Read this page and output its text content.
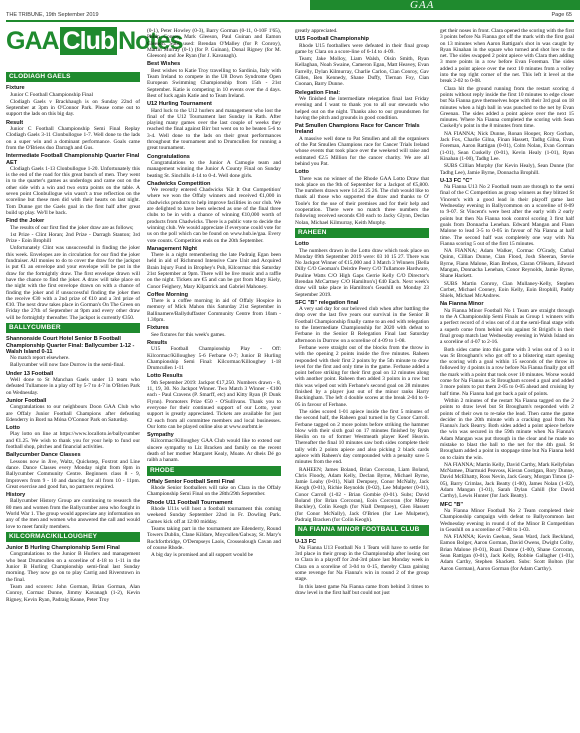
THE TRIBUNE, 19th September 2019
GAA
Page 65
GAA Club Notes
CLODIAGH GAELS
Fixture
Junior C Football Championship Final
Clodiagh Gaels v Brackhaugh is on Sunday 22nd of September at 3pm in O'Connor Park. Please come out to support the lads on this big day.
Result
Junior C Football Championship Semi Final Replay Clodiagh Gaels 3-11 Clonbullogue 1-7. Well done to the lads on a super win and a dominant performance. Goals came from the O'Briens duo Darragh and Gus.
Intermediate Football Championship Quarter Final AET
Clodiagh Gaels 1-13 Clonbullogue 1-20. Unfortunately this is the end of the road for this great bunch of men. They went in to the quarter's games as underdogs and came out on the other side with a win and two extra points on the table. A seven point Clonbullogue win wasn't a true reflection on the scoreline but these men did with their hearts on last night. Tom Dunne got the Gaels goal in the first half after great build up play. We'll be back.
Find the Joker
The results of our first find the joker draw are as follows;
1st Prize - Clint Horan; 2nd Prize - Darragh Stanton; 3rd Prize - Eoin Brophill
Unfortunately Clint was unsuccessful in finding the joker this week. Envelopes are in circulation for our find the joker fundraiser. All monies to do to cover the draw for the jackpot is put €1 an envelope and your envelope will be put in the draw for the fortnightly draw. The first envelope drawn will have the chance to find the joker. A draw will take place on the night with the first envelope drawn on with a chance of finding the joker and if unsuccessful finding the joker then the receive €30 with a 2nd prize of €10 and a 3rd prize of €10. The next draw takes place in Gorman's On The Green on Friday the 27th of September at 9pm and every other draw will be fortnightly thereafter. The jackpot is currently €350.
BALLYCUMBER
Shannonside Court Hotel Senior B Football Championship Quarter Final: Ballycumber 1-12 - Walsh Island 0-11
No match report elsewhere.
Ballycumber will now face Durrow in the semi-final.
Under 13 Football
Well done to St Manchan Gaels under 13 team who defeated Tullamore in a play off by 5-7 to 4-7 in O'Brien Park on Wednesday.
Junior Football
Congratulations to our neighbours Doon GAA Club who are Offaly Junior Football Champions after defeating Edenderry in Bord na Móna O'Connor Park on Saturday.
Lotto
Play lotto on line at https://www.localloto.ie/ballycumber and €1.25. We wish to thank you for your help to fund our football shop, pitches and financial activities.
Ballycumber Dance Classes
Lessons now in Jive, Waltz, Quickstep, Foxtrot and Line dance. Dance Classes every Monday night from 8pm in Ballycumber Community Centre. Beginners class 8 - 9, Improvers from 9 - 10 and dancing for all from 10 - 11pm. Great exercise and good fun, no partners required.
History
Ballycumber History Group are continuing to research the 80 men and women from the Ballycumber area who fought in World War 1. The group would appreciate any information on any of the men and women who answered the call and would love to meet family members.
KILCORMAC/KILLOUGHEY
Junior B Hurling Championship Semi Final
Congratulations to the Junior B Hurlers and management who beat Drumcullen on a scoreline of 4-18 to 1-11 in the Junior B Hurling Championship semi-final last Sunday morning. They now go on to play Carrig and Riverstown in the final.
Team and scorers: John Gorman, Brian Gorman, Alan Conroy, Cormac Dunne, Jimmy Kavanagh (1-2), Kevin Rigney, Kevin Ryan, Padraig Keane, Peter Troy
(0-1), Peter Howley (0-3), Barry Gorman (0-11, 0-10F 1'65), Philip Conroy, Mark Gleeson, Paul Guinan and Eamon Gleeson. Subs used: Brendan O'Malley (for P. Conroy), Martin Murray (0-1) (for P. Guinan), Donal Rigney (for M. Gleeson) and Joe Ryan (for J. Kavanagh).
Best Wishes
Best wishes to Katie Troy travelling to Sardinia, Italy with Team Ireland to compete in the U8 Down Syndrome Open European Swimming Championship from 15th - 21st September. Katie is competing in 10 events over the 4 days. Best of luck again Katie and to Team Ireland.
U12 Hurling Tournament
Hard luck to the U12 hurlers and management who lost the final of the U12 Tournament last Sunday in Rath. After playing many games over the last couple of weeks they reached the final against Birr but went on to be beaten 5-6 to 3-4. Well done to the lads on their great performances throughout the tournament and to Drumcullen for running a great tournament.
Congratulations
Congratulations to the Junior A Camogie team and management winning the Junior A County Final on Sunday beating St. Sinchills 4-14 to 0-4. Well done girls.
Chadwicks Competition
We recently entered Chadwicks 'Kit It Out Competition' where we won the Offaly winners and received €1,000 in chadwicks products to help improve facilities in our club. We are delighted to have been selected as one of the final three clubs to be in with a chance of winning €10,000 worth of products from Chadwicks. There is a public vote to decide the winning club. We would appreciate if everyone could vote for us on the poll which can be found on www.hub.ie/gaa. Every vote counts. Competition ends on the 20th September.
Management Night
There is a night remembering the late Padraig Egan been held in aid of Richmond Intensive Care Unit and Acquired Brain Injury Fund in Brophey's Pub, Kilcormac this Saturday 21st September at 9pm. There will be live music and a raffle on the night. Tickets are €5 and can be got from Mary Kiely, Conor Feighery, Mary Kilpatrick and Gabriel Mahoney.
Coffee Morning
There is a coffee morning in aid of Offaly Hospice in memory of Mick Mahon this Saturday 21st September in Ballinamere/Ballyduffaster Community Centre from 10am - 1.30pm.
Fixtures
See fixtures for this week's games.
Results
U15 Football Championship Play - Off: Kilcormac/Killoughey 5-6 Ferbane 0-7; Junior B Hurling Championship Semi Final: Kilcormac/Killoughey 1-18 Drumcullen 1-11
Lotto Results
9th September 2019: Jackpot €17,250. Numbers drawn - 8, 11, 19, 30. No Jackpot Winner. Two Match 3 Winner - €100 each - Paul Cravens (P. Smarff, etc) and Kitty Ryan (P. Dunk Flynn). Promoters Prize €50 - O'Sullivans. Thank you to everyone for their continued support of our Lotto, your support is greatly appreciated. Tickets are available for just €2 each from all committee members and local businesses. Our lotto can be played online also at www.ourbmt.ie
Sympathy
Kilcormac/Killoughey GAA Club would like to extend our sincere sympathy to Liz Bracken and family on the recent death of her mother Margaret Kealy, Moate. Ar dheis Dé go raibh a hanam.
RHODE
Offaly Senior Football Semi Final
Rhode Senior footballers will take on Clara in the Offaly Championship Semi Final on the 28th/29th September.
Rhode U11 Football Tournament
Rhode U11s will host a football tournament this coming weekend Sunday September 22nd in Fr. Dowling Park. Games kick off at 12:00 midday.
Teams taking part in the tournament are Edenderry, Round Towers Dublin, Clane Kildare, Moycullen/Galway, St. Mary's Rochfortbridge, O'Dempseys Laois, Crossealough Cavan and of course Rhode.
A big day is promised and all support would be
greatly appreciated.
U15 Football Championship
Rhode U15 footballers were defeated in their final group game by Clara on a score-line of 6-14 to 4-09.
Team; Jake Molloy, Liam Walsh, Oisín Smith, Ryan Kellaghan, Noah Swaine, Cameron Egan, Matt Heavey, Evan Farrelly, Dylan Kilmurray, Charlie Carlon, Cian Conroy, Gav Gillen, Ben Kennedy, Shane Duffy, Tiernan Foy, Cian Coonan, Barry Dunne.
Relegation Final:
We finished the intermediate relegation final last Friday evening and I want to thank you to all our stewards who helped out on the night. Thanks also to our groundsmen for having the pitch and grounds in good condition.
Pat Smullen Champions Race for Cancer Trials Ireland
A massive well done to Pat Smullen and all the organisers of the Pat Smullen Champions race for Cancer Trials Ireland whose events that took place over the weekend will raise and estimated €2.5 Million for the cancer charity. We are all behind you Pat.
Lotto
There was no winner of the Rhode GAA Lotto Draw that took place on the 9th of September for a Jackpot of €5,800. The numbers drawn were 14 24 25 26. The club would like to thank all those who supported the draw and thanks to O' Toole's for the use of their premises and for their help and cooperation. There were no match three numbers the following received seconds €30 each to Jacky Glynn, Declan Nolan, Michael Kilmurray, Keith Murphy.
RAHEEN
Lotto
The numbers drawn in the Lotto draw which took place on Monday 09th September 2019 were: 03 10 15 27. There was No Jackpot Winner of €15,000 and 3 Match 3 Winners [Bella Dilly C/O Geoman's Deirdre Peery C/O Tullamore Hardware, Pauline Watts C/O High Gaps Gerrie Kelly C/O Director's Brendan McCartney C/O Hamilton's] €40 Each. Next week's draw will take place in Hamilton's Geashill on Monday 23 September 2019.
SFC "B" relegation final
A very sad day for our beloved club when after battling the drop over the last five years our survival in the Senior B Football Championship finally came to an end with relegation to the Intermediate Championship for 2020 with defeat to Ferbane in the Senior B Relegation Final last Saturday afternoon in Durrow on a scoreline of 4-09 to 1-08.
Ferbane were straight out of the blocks from the throw in with the opening 2 points inside the five minutes. Raheen responded with their first 2 points by the 5th minute to draw level for the first and only time in the game. Ferbane added a point before striking for their first goal on 12 minutes along with another point. Raheen then added 3 points in a row but this was wiped out with Ferbane's second goal on 28 minutes finished by a player just out of the minor ranks Harry Buckingham. The left 4 double scores at the break 2-04 to 0-05 in favour of Ferbane.
The sides scored 1-01 apiece inside the first 5 minutes of the second half, the Raheen goal turned in by Conor Carroll. Ferbane tagged on 2 more points before striking the hammer blow with their sixth goal on 17 minutes finished by Ryan Heslin on to of former Westmeath player Keef Heavin. Thereafter the final 10 minutes saw both sides complete their tally with 2 points apiece and also picking 2 black cards apiece with Raheen's day compounded with a penalty save 5 minutes from the end.
RAHEEN; James Boland, Brian Corcoran, Liam Boland, Chris Floody, Adam Kelly, Declan Byrne, Michael Byrne, Jamie Leahy (0-01), Niall Dempsey, Conor McNally, Jack Keogh (0-01), Richie Reynolds (0-02), Lee Mulpeter (0-01), Conor Carroll (1-02 - Brian Gombie (0-01). Subs; David Boland (for Brian Corcoran), Eoin Corcoran (for Mikey Buckley), Colin Keogh (for Niall Dempsey), Glen Hassett (for Conor McNally), Jack O'Brien (for Lee Mulpeter), Padraig Bracken (for Colin Keogh).
NA FIANNA MINOR FOOTBALL CLUB
U-13 FC
Na Fianna U13 Football No 1 Team will have to settle for 3rd place in their group in the Championship after losing out to Clara in a playoff for 2nd-3rd place last Monday week in Clara on a scoreline of 3-04 to 0-15, thereby Clara gaining some revenge for Na Fianna's win in round 2 of the group stage.
In this latest game Na Fianna came from behind 3 times to draw level in the first half but could not just
get their noses in front. Clara opened the scoring with the first 3 points before Na Fianna got off the mark with the first goal on 13 minutes when Aaron Rattigan's shot in was caught by Ryan Kinahan in the square who turned and shot low to the net. The sides swapped 2 point apiece with Clara then adding 3 more points in a row before Evan Foreman. The sides added a point apiece over the next 10 minutes from a volley into the top right corner of the net. This left it level at the break 2-02 to 0-08.
Clara hit the ground running from the restart scoring 4 points without reply inside the first 10 minutes to edge closer but Na Fianna gave themselves hope with their 3rd goal on 18 minutes when a high ball in was punched to the net by Evan Greenan. The sides added a point apiece over the next 15 minutes. Where Na Fianna completed the scoring with Sean Cuskelly's point in the 8 minutes from time.
NA FIANNA; Nick Dunne, Ronan Hooper, Rory Gorhan, Jack Fox, Charlie Gilna, Finan Hassett, Tadhg Gilna, Evan Foreman, Aaron Rattigan (0-01), Colm Nolan, Evan Gorman (1-01), Sean Cuskelly (0-01), Kevin Healy (1-01), Ryan Kinahan (1-00), Tadhg Lee.
SUBS Cillian Murphy (for Kevin Healy), Sean Dunne (for Tadhg Lee), Jamie Byrne, Donnacha Brophill.
U-13 FC "C"
Na Fianna U13 No 2 Football team are through to the semi final of the C Competition as group winners as they blitzed St Vincent's with a good lead in their playoff game last Wednesday evening in Ballycommon on a scoreline of 8-09 to 9-07. St Vincent's were best after the early with 2 early points but then Na Fianna took control scoring 3 first half goals from Donnacha Lenehan. Edward Mangan and Flann Malone to lead 3-5 to 0-05 in favour of Na Fianna at half time. The second half was completely one way with Na Fianna scoring 5 out of the first 15 minutes.
NA FIANNA; Adam Walker, Cormac O'Grady, Cathal Quinn, Cillian Dunne, Cian Flood, Josh Sheeran, Stevie Byrne, Flann Malone, Rian Brehon, Ciaran O'Hearn, Edward Mangan, Donnacha Lenehan, Conor Reynolds, Jamie Byrne, Shane Hackett.
SUBS Martin Conroy, Cian Mullaney-Kelly, Stephen Corbet, Michael Cooney, Eoin Kelly, Eoin Brophill, Paddy Shiels, Michael McAndrew.
Na Fianna Minor
Na Fianna Minor Football No 1 Team are straight through to the A Championship Semi Finals as Group 1 winners with a perfect record of 4 wins out of 4 at the semi-final stage with a superb come from behind win against St Brigid's in their final group match last Wednesday evening in Walsh Island on a scoreline of 4-07 to 2-16.
Both sides came into this game with 3 wins out of 3 so it was St Brougham's who got off to a blistering start opening the scoring with a goal within 15 seconds of the throw in followed by 4 points in a row before Na Fianna finally got off the mark with a point that took over 10 minutes. Worse would come for Na Fianna as St Brougham scored a goal and added 3 more points to put them 2-05 to 0-05 ahead and cruising by half time. Na Fianna had got back a pair of points.
Within 2 minutes of the restart Na Fianna tagged on the 2 points to draw level but St Brougham's responded with 2 points of their own to re-take the lead. Then came the game decider in the 20th minute with a cracking goal from Na Fianna's Jack Bearry. Both sides added a point apiece before the win was secured in the 59th minute when Na Fianna's Adam Mangan was put through in the clear and he made no mistake to blast the ball to the net for the 4th goal. St Brougham added a point in stoppage time but Na Fianna held on to claim the win.
NA FIANNA; Martin Kelly, David Carthy, Mark Kellyfolan McNamee, Diarmuid Peavoss, Kieran Costigan, Rory Dunne, David McElhatty, Ross Nevin, Jack Geary, Morgan Timon (2-05), Barry Crimlas, Jack Beatty (1-00), James Nolan (1-02), Adam Mangan (1-01), Sarah Dylan Cahill (for David Carthy), Lewis Hunter (for Jack Beatty).
MFC "B"
Na Fianna Minor Football No 2 Team completed their Championship campaign with defeat to Ballycommon last Wednesday evening in round 4 of the Minor B Competition in Geashill on a scoreline of 7-08 to 1-03.
NA FIANNA; Kevin Geehan, Sean Ward, Jack Beckland, Eamon Bolger, Aaron Gorman, David Owens, Dwight Colby, Brian Malone (0-01), Ruari Dunne (1-00), Shane Corcoran, Sean Rattigan (0-01), Jack Kelly, Robbie Gallagher (1-01), Adam Carthy, Stephen Shackett. Subs: Scott Bolton (for Aaron Gorman), Aaron Gorman (for Adam Carthy).
